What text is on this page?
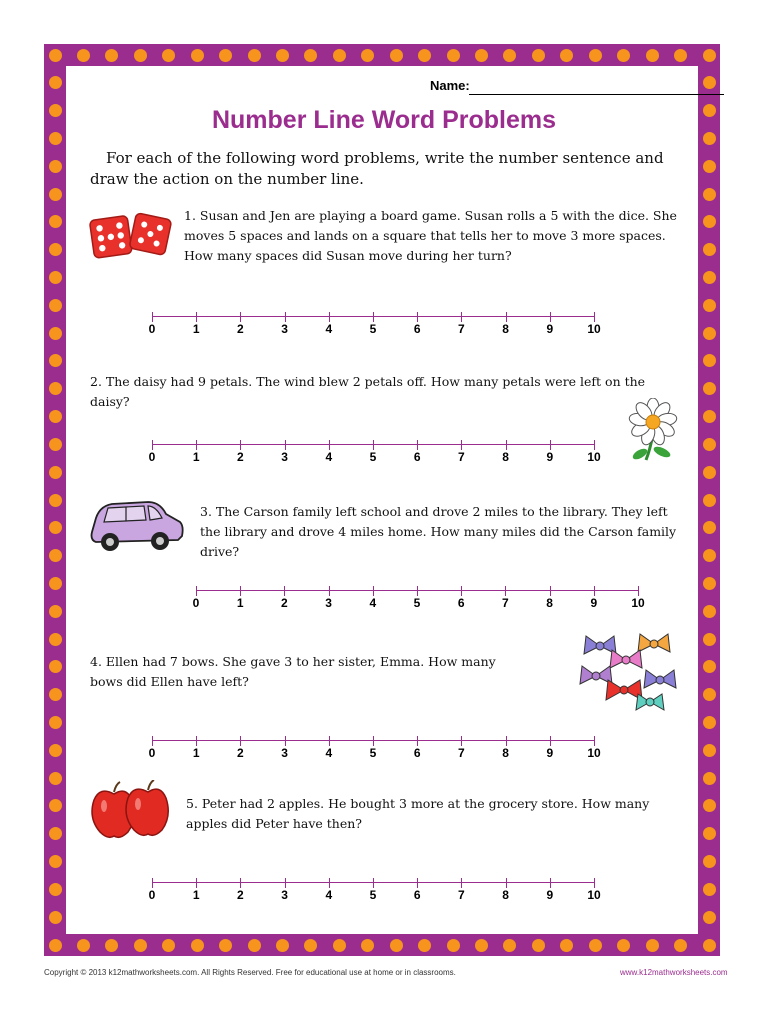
Name:
Number Line Word Problems
For each of the following word problems, write the number sentence and draw the action on the number line.
1. Susan and Jen are playing a board game. Susan rolls a 5 with the dice. She moves 5 spaces and lands on a square that tells her to move 3 more spaces. How many spaces did Susan move during her turn?
0	1	2	3	4	5	6	7	8	9	10
2. The daisy had 9 petals. The wind blew 2 petals off. How many petals were left on the daisy?
0	1	2	3	4	5	6	7	8	9	10
3. The Carson family left school and drove 2 miles to the library. They left the library and drove 4 miles home. How many miles did the Carson family drive?
0	1	2	3	4	5	6	7	8	9	10
4. Ellen had 7 bows. She gave 3 to her sister, Emma. How many bows did Ellen have left?
0	1	2	3	4	5	6	7	8	9	10
5. Peter had 2 apples. He bought 3 more at the grocery store. How many apples did Peter have then?
0	1	2	3	4	5	6	7	8	9	10
Copyright © 2013 k12mathworksheets.com. All Rights Reserved. Free for educational use at home or in classrooms.	www.k12mathworksheets.com
